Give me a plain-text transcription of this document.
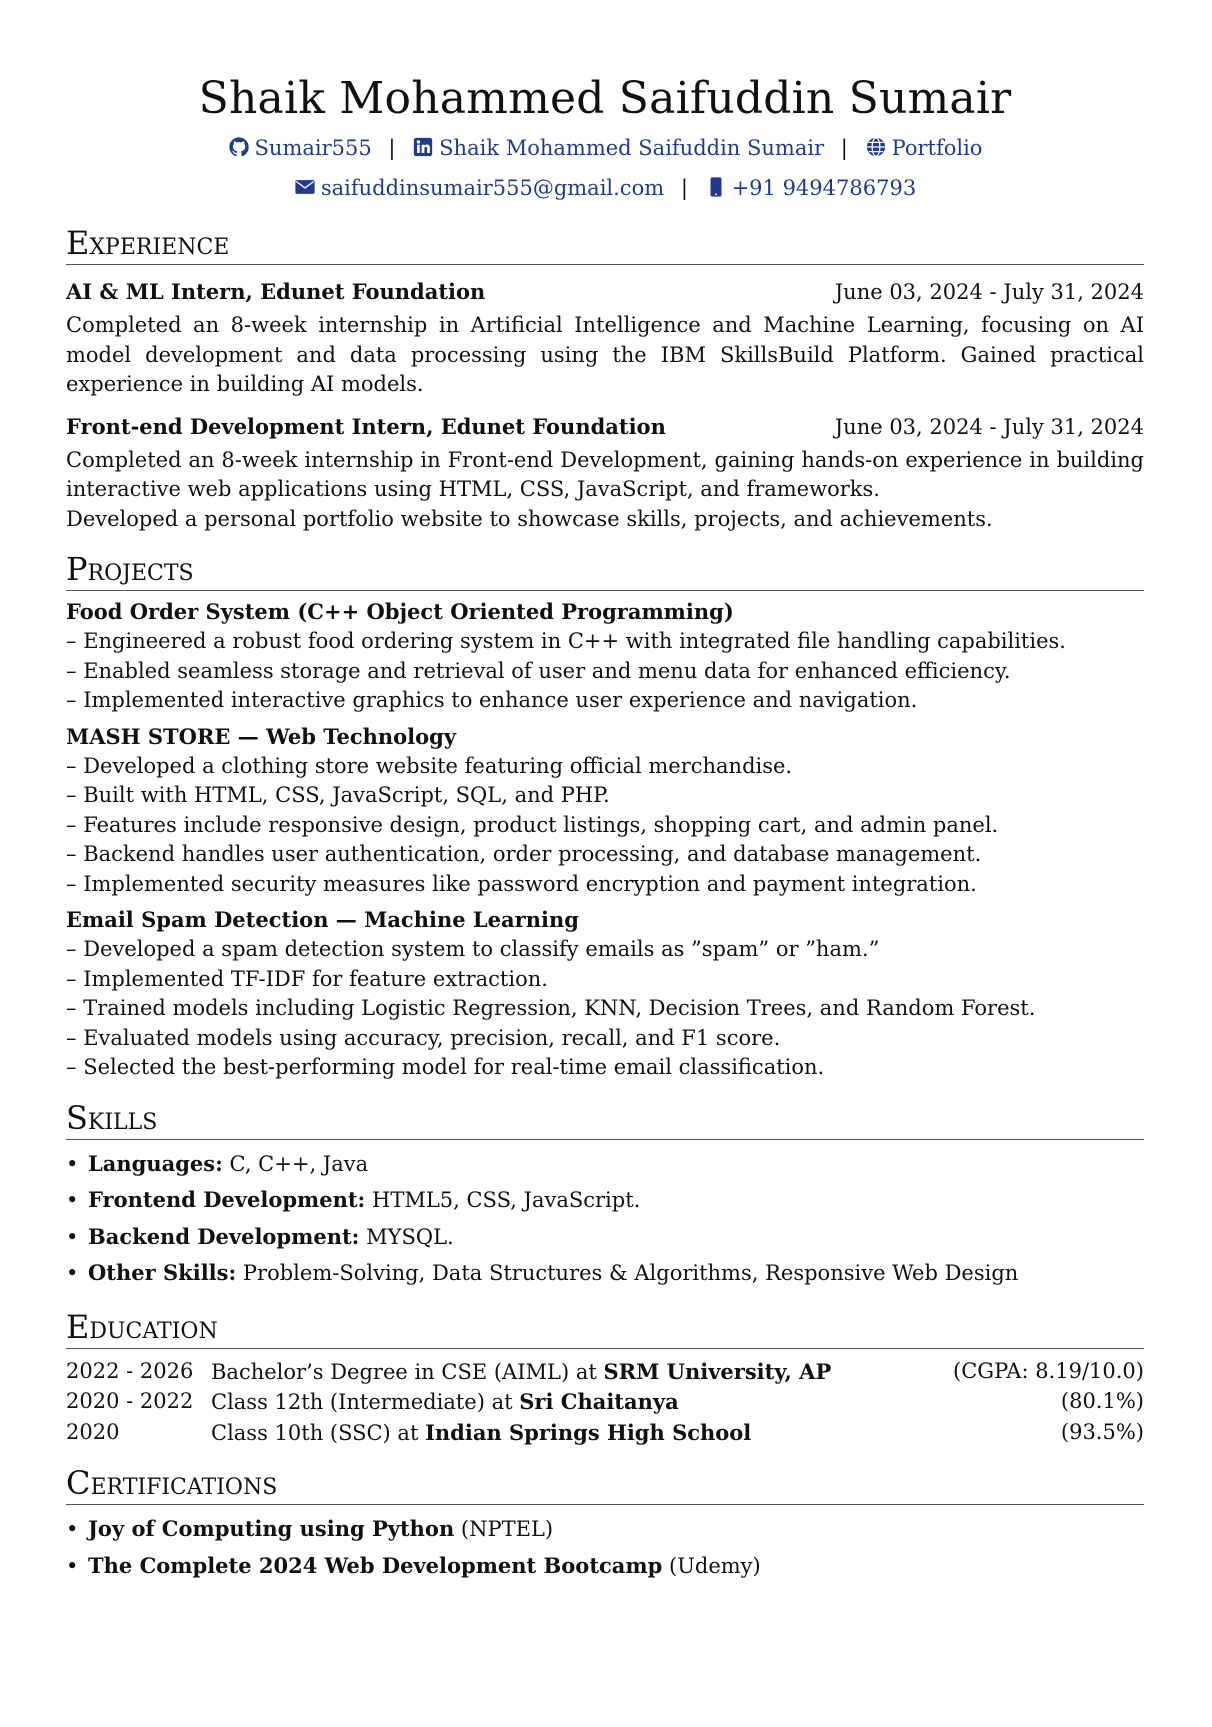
Shaik Mohammed Saifuddin Sumair
Sumair555 | Shaik Mohammed Saifuddin Sumair | Portfolio
saifuddinsumair555@gmail.com | +91 9494786793
Experience
AI & ML Intern, Edunet Foundation	June 03, 2024 - July 31, 2024

Completed an 8-week internship in Artificial Intelligence and Machine Learning, focusing on AI model development and data processing using the IBM SkillsBuild Platform. Gained practical experience in building AI models.

Front-end Development Intern, Edunet Foundation	June 03, 2024 - July 31, 2024

Completed an 8-week internship in Front-end Development, gaining hands-on experience in building interactive web applications using HTML, CSS, JavaScript, and frameworks.

Developed a personal portfolio website to showcase skills, projects, and achievements.

Projects
Food Order System (C++ Object Oriented Programming)
– Engineered a robust food ordering system in C++ with integrated file handling capabilities.
– Enabled seamless storage and retrieval of user and menu data for enhanced efficiency.
– Implemented interactive graphics to enhance user experience and navigation.
MASH STORE — Web Technology
– Developed a clothing store website featuring official merchandise.
– Built with HTML, CSS, JavaScript, SQL, and PHP.
– Features include responsive design, product listings, shopping cart, and admin panel.
– Backend handles user authentication, order processing, and database management.
– Implemented security measures like password encryption and payment integration.
Email Spam Detection — Machine Learning
– Developed a spam detection system to classify emails as ”spam” or ”ham.”
– Implemented TF-IDF for feature extraction.
– Trained models including Logistic Regression, KNN, Decision Trees, and Random Forest.
– Evaluated models using accuracy, precision, recall, and F1 score.
– Selected the best-performing model for real-time email classification.
Skills
• Languages: C, C++, Java
• Frontend Development: HTML5, CSS, JavaScript.
• Backend Development: MYSQL.
• Other Skills: Problem-Solving, Data Structures & Algorithms, Responsive Web Design
Education
2022 - 2026 Bachelor’s Degree in CSE (AIML) at SRM University, AP	(CGPA: 8.19/10.0)
2020 - 2022 Class 12th (Intermediate) at Sri Chaitanya	(80.1%)
2020	Class 10th (SSC) at Indian Springs High School	(93.5%)
Certifications
• Joy of Computing using Python (NPTEL)
• The Complete 2024 Web Development Bootcamp (Udemy)
